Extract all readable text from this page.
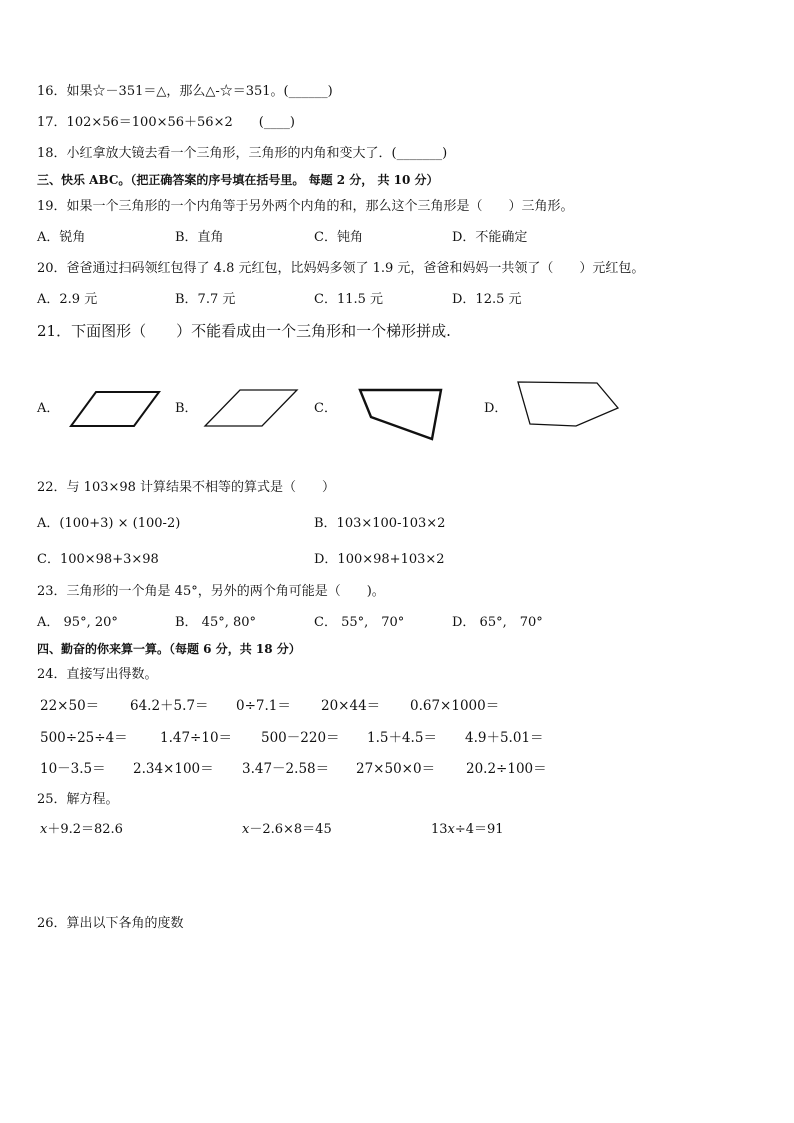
16．如果☆－351＝△，那么△-☆＝351。(______)
17．102×56＝100×56＋56×2　　(____)
18．小红拿放大镜去看一个三角形，三角形的内角和变大了．(_______)
三、快乐 ABC。（把正确答案的序号填在括号里。 每题 2 分， 共 10 分）
19．如果一个三角形的一个内角等于另外两个内角的和，那么这个三角形是（　　）三角形。
A．锐角	B．直角	C．钝角	D．不能确定
20．爸爸通过扫码领红包得了 4.8 元红包，比妈妈多领了 1.9 元，爸爸和妈妈一共领了（　　）元红包。
A．2.9 元	B．7.7 元	C．11.5 元	D．12.5 元
21．下面图形（　　）不能看成由一个三角形和一个梯形拼成.
A．	B．	C．	D．
22．与 103×98 计算结果不相等的算式是（　　）
A．(100+3) × (100-2)	B．103×100-103×2
C．100×98+3×98	D．100×98+103×2
23．三角形的一个角是 45°，另外的两个角可能是（　　)。
A． 95°, 20°	B． 45°, 80°	C． 55°,　70°	D． 65°,　70°
四、勤奋的你来算一算。（每题 6 分，共 18 分）
24．直接写出得数。
22×50＝ 64.2＋5.7＝ 0÷7.1＝ 20×44＝ 0.67×1000＝
500÷25÷4＝ 1.47÷10＝ 500－220＝ 1.5＋4.5＝ 4.9＋5.01＝
10－3.5＝ 2.34×100＝ 3.47－2.58＝ 27×50×0＝ 20.2÷100＝
25．解方程。
𝑥＋9.2＝82.6	𝑥－2.6×8＝45	13𝑥÷4＝91
26．算出以下各角的度数
